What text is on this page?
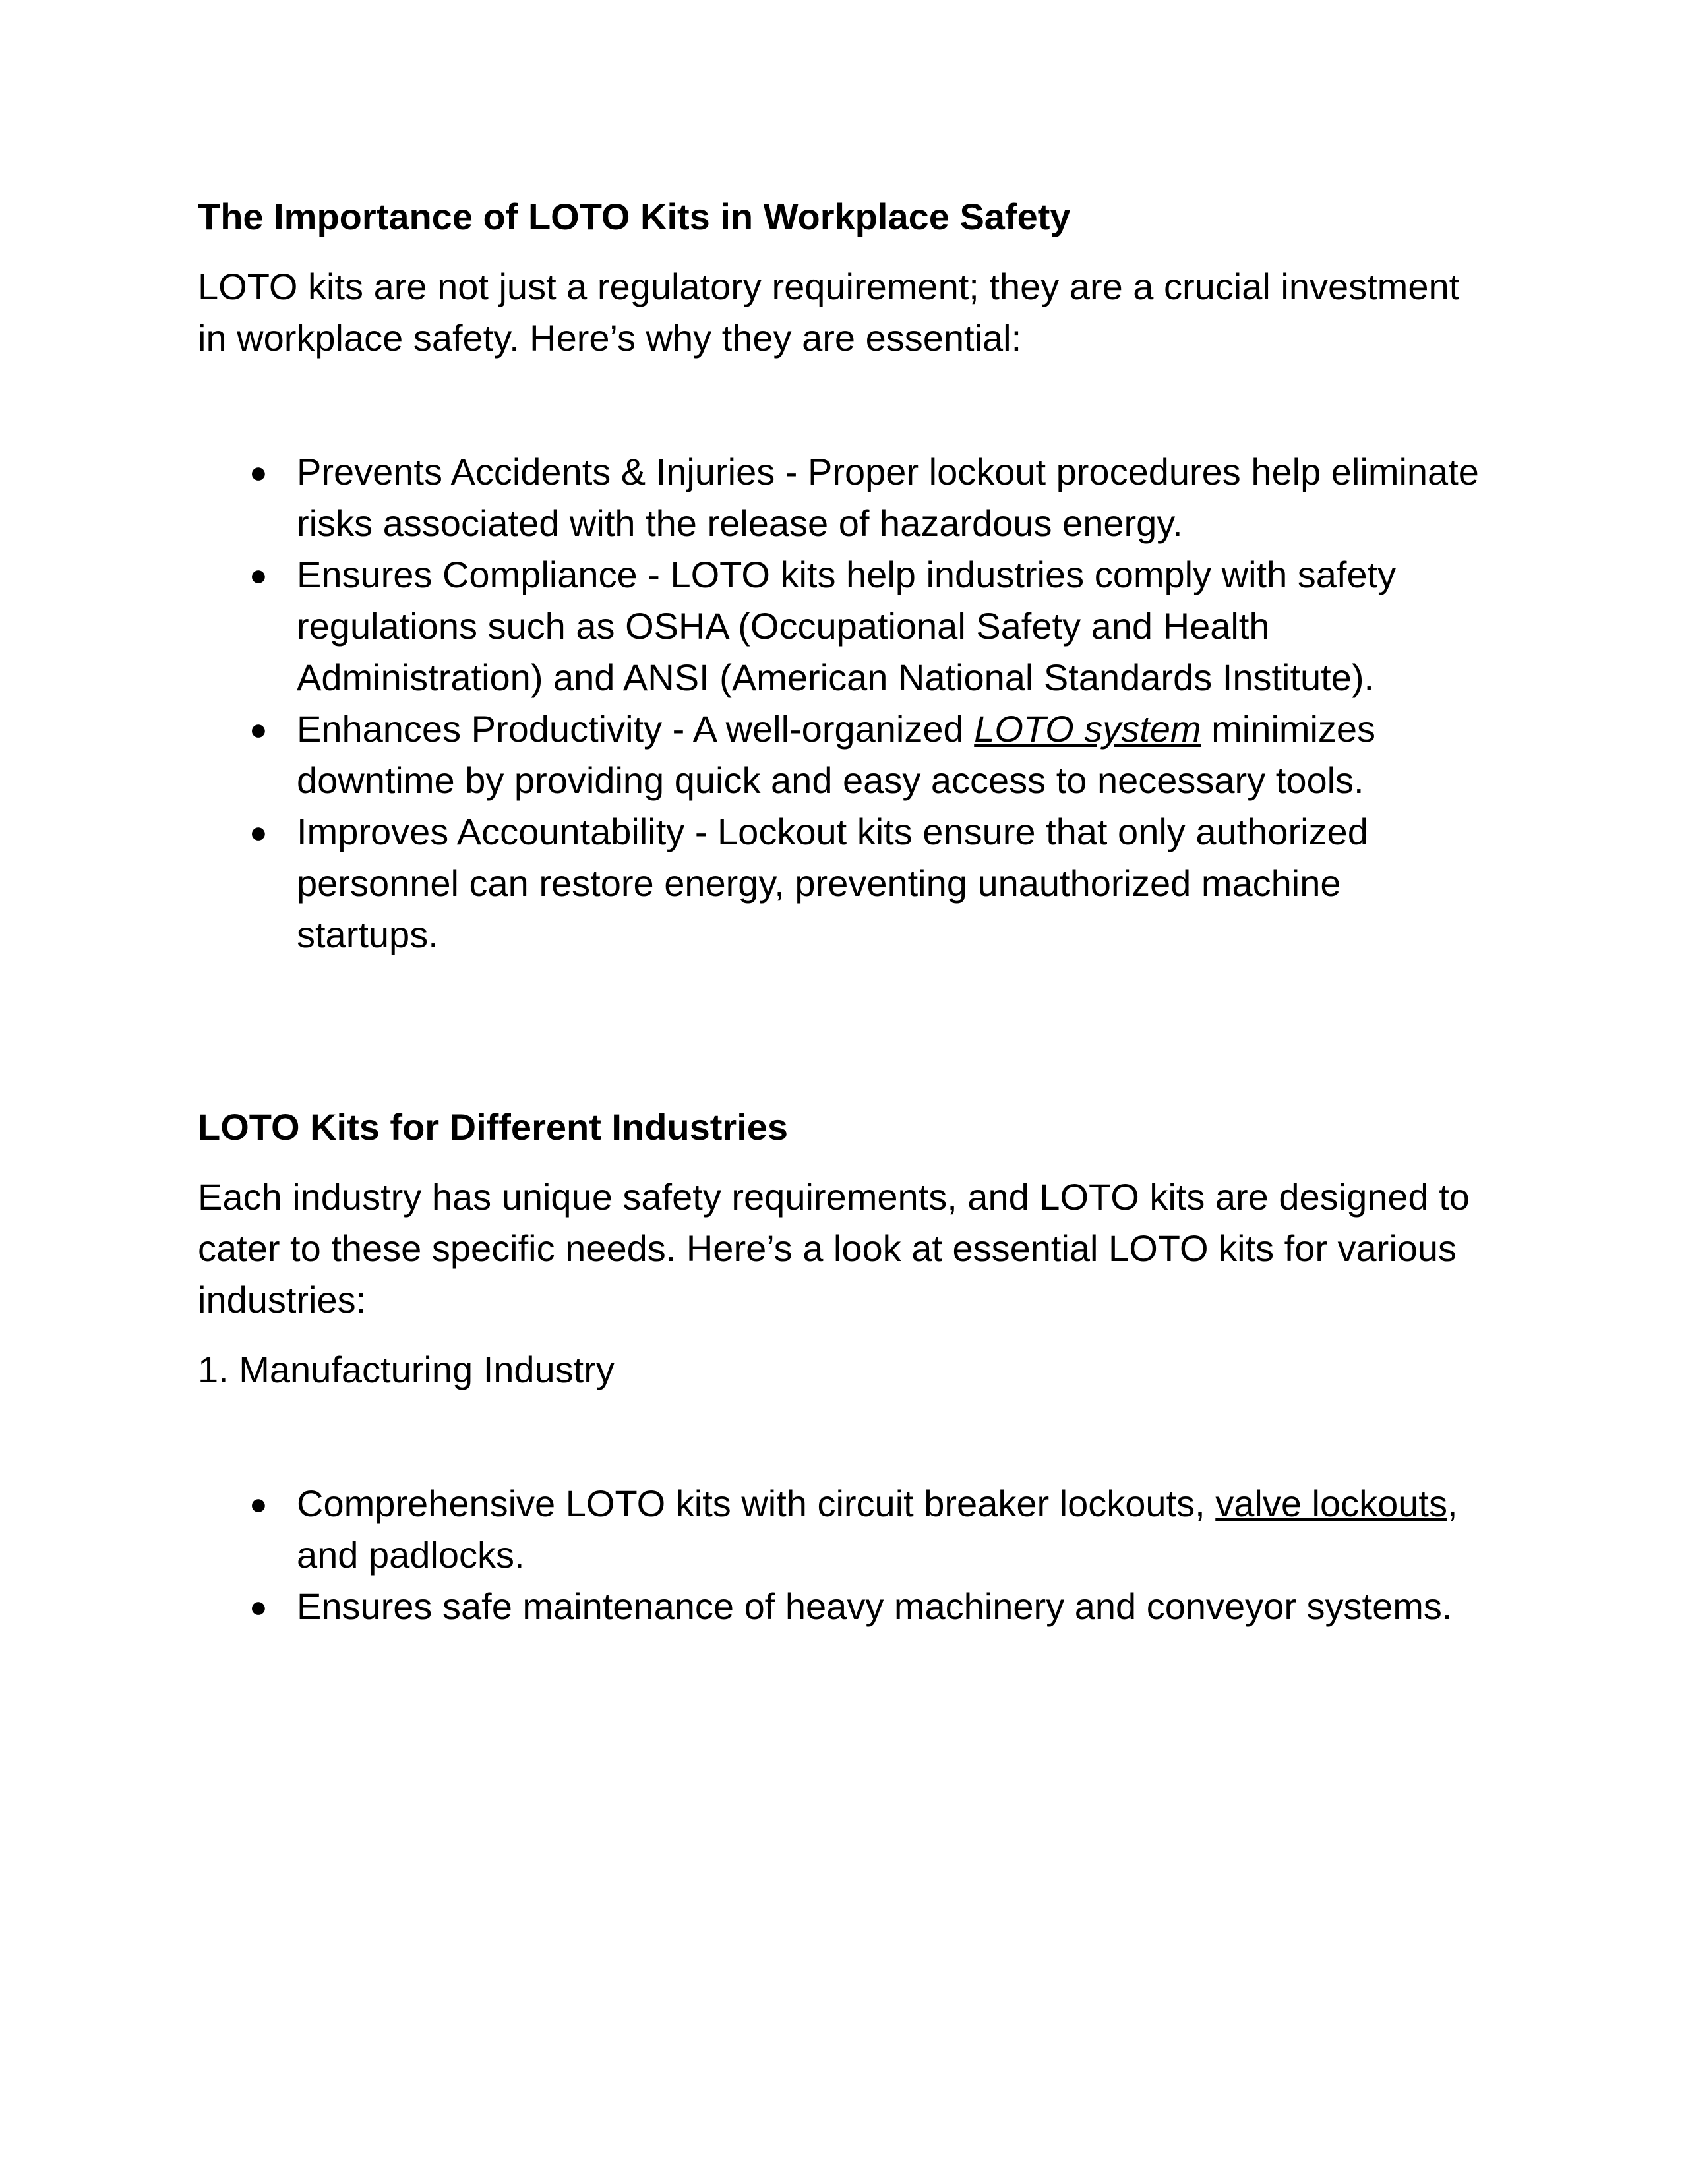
The Importance of LOTO Kits in Workplace Safety

LOTO kits are not just a regulatory requirement; they are a crucial investment in workplace safety. Here’s why they are essential:

● Prevents Accidents & Injuries - Proper lockout procedures help eliminate risks associated with the release of hazardous energy.
● Ensures Compliance - LOTO kits help industries comply with safety regulations such as OSHA (Occupational Safety and Health Administration) and ANSI (American National Standards Institute).
● Enhances Productivity - A well-organized LOTO system minimizes downtime by providing quick and easy access to necessary tools.
● Improves Accountability - Lockout kits ensure that only authorized personnel can restore energy, preventing unauthorized machine startups.
LOTO Kits for Different Industries

Each industry has unique safety requirements, and LOTO kits are designed to cater to these specific needs. Here’s a look at essential LOTO kits for various industries:

1. Manufacturing Industry

● Comprehensive LOTO kits with circuit breaker lockouts, valve lockouts, and padlocks.
● Ensures safe maintenance of heavy machinery and conveyor systems.
